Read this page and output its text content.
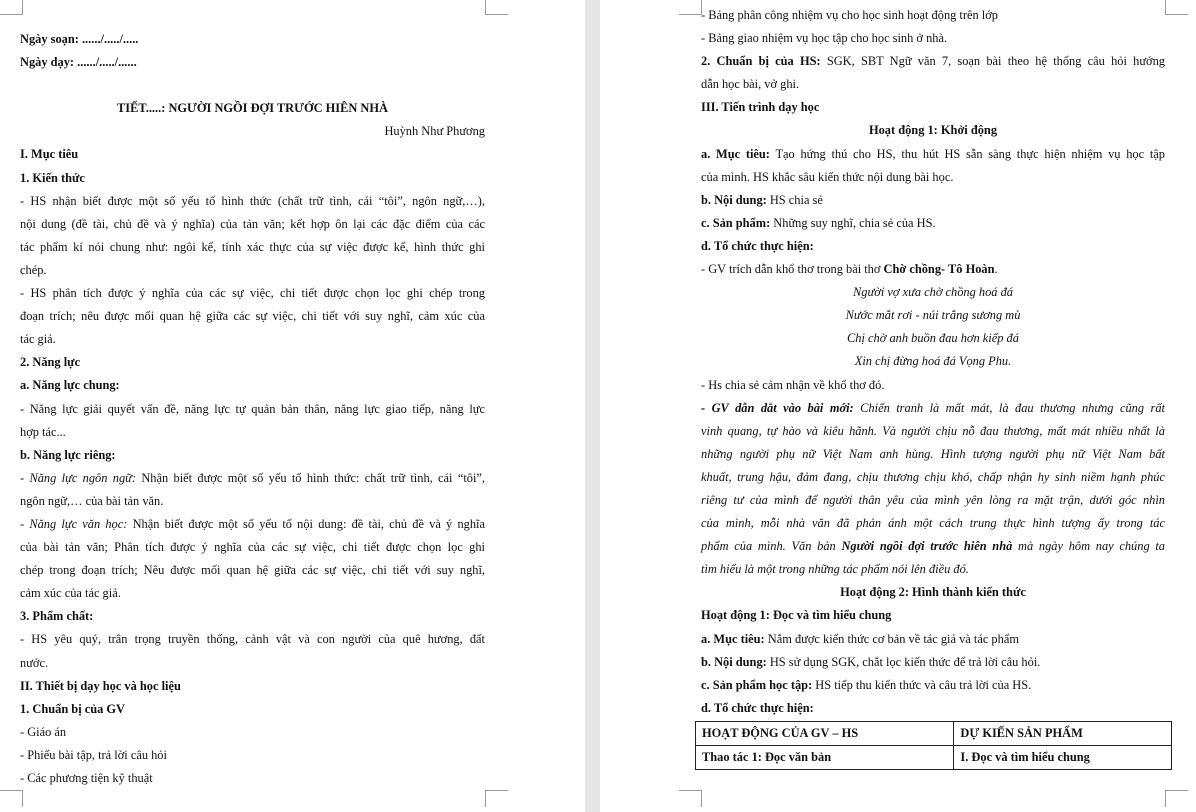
Ngày soạn: ....../...../.....
Ngày dạy: ....../...../......
TIẾT.....: NGƯỜI NGỒI ĐỢI TRƯỚC HIÊN NHÀ
Huỳnh Như Phương
I. Mục tiêu
1. Kiến thức
- HS nhận biết được một số yếu tố hình thức (chất trữ tình, cái “tôi”, ngôn ngữ,…),
nội dung (đề tài, chủ đề và ý nghĩa) của tản văn; kết hợp ôn lại các đặc điểm của các
tác phẩm kí nói chung như: ngôi kể, tính xác thực của sự việc được kể, hình thức ghi
chép.
- HS phân tích được ý nghĩa của các sự việc, chi tiết được chọn lọc ghi chép trong
đoạn trích; nêu được mối quan hệ giữa các sự việc, chi tiết với suy nghĩ, cảm xúc của
tác giả.
2. Năng lực
a. Năng lực chung:
- Năng lực giải quyết vấn đề, năng lực tự quản bản thân, năng lực giao tiếp, năng lực
hợp tác...
b. Năng lực riêng:
- Năng lực ngôn ngữ: Nhận biết được một số yếu tố hình thức: chất trữ tình, cái “tôi”,
ngôn ngữ,… của bài tản văn.
- Năng lực văn học: Nhận biết được một số yếu tố nội dung: đề tài, chủ đề và ý nghĩa
của bài tản văn; Phân tích được ý nghĩa của các sự việc, chi tiết được chọn lọc ghi
chép trong đoạn trích; Nêu được mối quan hệ giữa các sự việc, chi tiết với suy nghĩ,
cảm xúc của tác giả.
3. Phẩm chất:
- HS yêu quý, trân trọng truyền thống, cảnh vật và con người của quê hương, đất
nước.
II. Thiết bị dạy học và học liệu
1. Chuẩn bị của GV
- Giáo án
- Phiếu bài tập, trả lời câu hỏi
- Các phương tiện kỹ thuật
- Bảng phân công nhiệm vụ cho học sinh hoạt động trên lớp
- Bảng giao nhiệm vụ học tập cho học sinh ở nhà.
2. Chuẩn bị của HS: SGK, SBT Ngữ văn 7, soạn bài theo hệ thống câu hỏi hướng
dẫn học bài, vở ghi.
III. Tiến trình dạy học
Hoạt động 1: Khởi động
a. Mục tiêu: Tạo hứng thú cho HS, thu hút HS sẵn sàng thực hiện nhiệm vụ học tập
của mình. HS khắc sâu kiến thức nội dung bài học.
b. Nội dung: HS chia sẻ
c. Sản phẩm: Những suy nghĩ, chia sẻ của HS.
d. Tổ chức thực hiện:
- GV trích dẫn khổ thơ trong bài thơ Chờ chồng- Tô Hoàn.
Người vợ xưa chờ chồng hoá đá
Nước mắt rơi - núi trắng sương mù
Chị chờ anh buồn đau hơn kiếp đá
Xin chị đừng hoá đá Vọng Phu.
- Hs chia sẻ cảm nhận về khổ thơ đó.
- GV dẫn dắt vào bài mới: Chiến tranh là mất mát, là đau thương nhưng cũng rất
vinh quang, tự hào và kiêu hãnh. Và người chịu nỗ đau thương, mất mát nhiều nhất là
những người phụ nữ Việt Nam anh hùng. Hình tượng người phụ nữ Việt Nam bất
khuất, trung hậu, đảm đang, chịu thương chịu khó, chấp nhận hy sinh niềm hạnh phúc
riêng tư của mình để người thân yêu của mình yên lòng ra mặt trận, dưới góc nhìn
của mình, mỗi nhà văn đã phản ánh một cách trung thực hình tượng ấy trong tác
phẩm của mình. Văn bản Người ngồi đợi trước hiên nhà mà ngày hôm nay chúng ta
tìm hiểu là một trong những tác phẩm nói lên điều đó.
Hoạt động 2: Hình thành kiến thức
Hoạt động 1: Đọc và tìm hiểu chung
a. Mục tiêu: Nắm được kiến thức cơ bản về tác giả và tác phẩm
b. Nội dung: HS sử dụng SGK, chắt lọc kiến thức để trả lời câu hỏi.
c. Sản phẩm học tập: HS tiếp thu kiến thức và câu trả lời của HS.
d. Tổ chức thực hiện:
HOẠT ĐỘNG CỦA GV – HS	DỰ KIẾN SẢN PHẨM
Thao tác 1: Đọc văn bản	I. Đọc và tìm hiểu chung
